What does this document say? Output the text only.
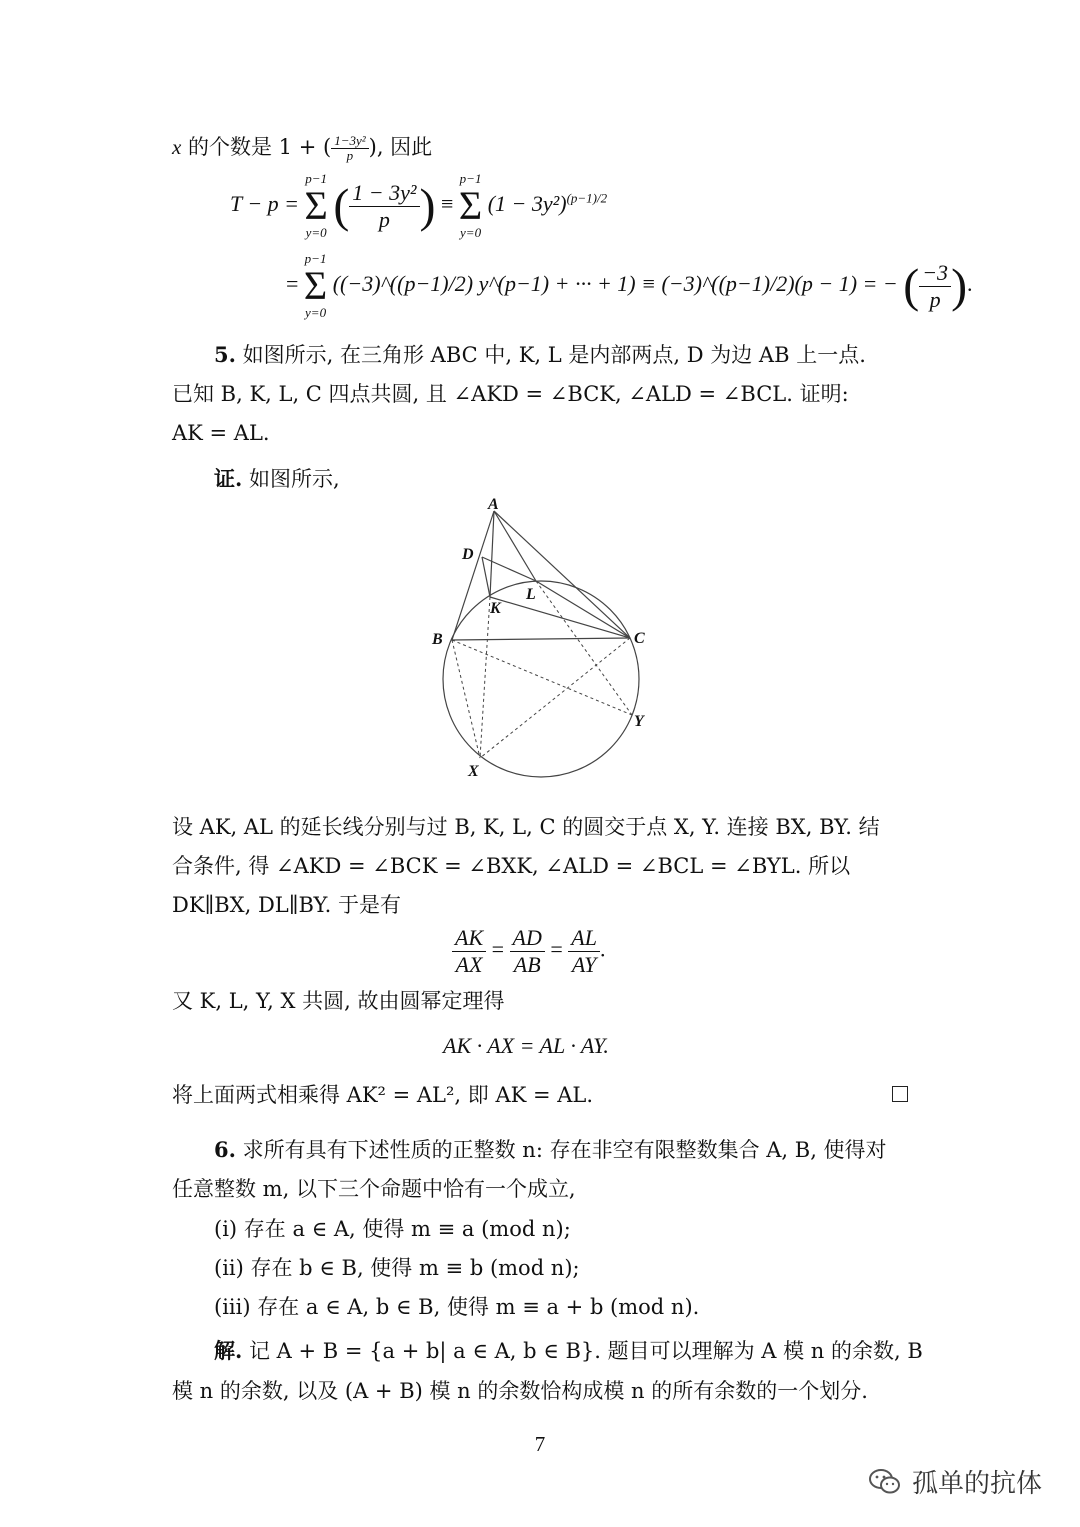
x 的个数是 1 + ( $\frac{\text{1−3y²}}{p}$ ), 因此
T − p = p−1
Σ
y=0 ( $\frac{\text{1 − 3y²}}{p}$ ) ≡ p−1
Σ
y=0 $(1 - 3y^2)^{(p-1)/2}$
= p−1
Σ
y=0 ((−3)^((p−1)/2) y^(p−1) + ··· + 1) ≡ (−3)^((p−1)/2)(p − 1) = − ( $\frac{-3}{p}$ ).
5. 如图所示, 在三角形 ABC 中, K, L 是内部两点, D 为边 AB 上一点.
已知 B, K, L, C 四点共圆, 且 ∠AKD = ∠BCK, ∠ALD = ∠BCL. 证明:
AK = AL.
证. 如图所示,
A
D
L
K
B	C
Y
X
设 AK, AL 的延长线分别与过 B, K, L, C 的圆交于点 X, Y. 连接 BX, BY. 结
合条件, 得 ∠AKD = ∠BCK = ∠BXK, ∠ALD = ∠BCL = ∠BYL. 所以
DK∥BX, DL∥BY. 于是有
$\frac{AK}{AX} = \frac{AD}{AB} = \frac{AL}{AY}$ .
又 K, L, Y, X 共圆, 故由圆幂定理得
AK · AX = AL · AY.
将上面两式相乘得 AK² = AL², 即 AK = AL.
6. 求所有具有下述性质的正整数 n: 存在非空有限整数集合 A, B, 使得对
任意整数 m, 以下三个命题中恰有一个成立,
(i) 存在 a ∈ A, 使得 m ≡ a (mod n);
(ii) 存在 b ∈ B, 使得 m ≡ b (mod n);
(iii) 存在 a ∈ A, b ∈ B, 使得 m ≡ a + b (mod n).
解. 记 A + B = {a + b| a ∈ A, b ∈ B}. 题目可以理解为 A 模 n 的余数, B
模 n 的余数, 以及 (A + B) 模 n 的余数恰构成模 n 的所有余数的一个划分.
7
孤单的抗体
